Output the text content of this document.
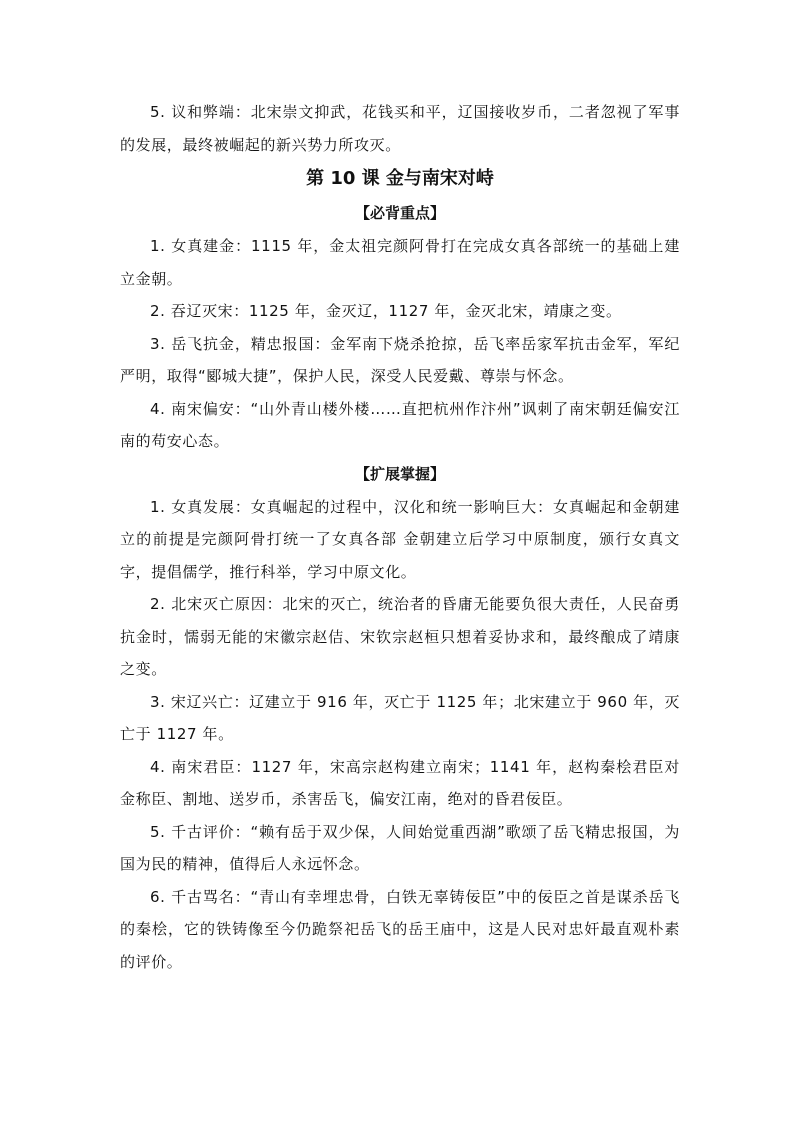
5. 议和弊端：北宋崇文抑武，花钱买和平，辽国接收岁币，二者忽视了军事的发展，最终被崛起的新兴势力所攻灭。

第 10 课 金与南宋对峙
【必背重点】

1. 女真建金：1115 年，金太祖完颜阿骨打在完成女真各部统一的基础上建立金朝。

2. 吞辽灭宋：1125 年，金灭辽，1127 年，金灭北宋，靖康之变。

3. 岳飞抗金，精忠报国：金军南下烧杀抢掠，岳飞率岳家军抗击金军，军纪严明，取得“郾城大捷”，保护人民，深受人民爱戴、尊崇与怀念。

4. 南宋偏安：“山外青山楼外楼……直把杭州作汴州”讽刺了南宋朝廷偏安江南的苟安心态。

【扩展掌握】

1. 女真发展：女真崛起的过程中，汉化和统一影响巨大：女真崛起和金朝建立的前提是完颜阿骨打统一了女真各部 金朝建立后学习中原制度，颁行女真文字，提倡儒学，推行科举，学习中原文化。

2. 北宋灭亡原因：北宋的灭亡，统治者的昏庸无能要负很大责任，人民奋勇抗金时，懦弱无能的宋徽宗赵佶、宋钦宗赵桓只想着妥协求和，最终酿成了靖康之变。

3. 宋辽兴亡：辽建立于 916 年，灭亡于 1125 年；北宋建立于 960 年，灭亡于 1127 年。

4. 南宋君臣：1127 年，宋高宗赵构建立南宋；1141 年，赵构秦桧君臣对金称臣、割地、送岁币，杀害岳飞，偏安江南，绝对的昏君佞臣。

5. 千古评价：“赖有岳于双少保，人间始觉重西湖”歌颂了岳飞精忠报国，为国为民的精神，值得后人永远怀念。

6. 千古骂名：“青山有幸埋忠骨，白铁无辜铸佞臣”中的佞臣之首是谋杀岳飞的秦桧，它的铁铸像至今仍跪祭祀岳飞的岳王庙中，这是人民对忠奸最直观朴素的评价。
